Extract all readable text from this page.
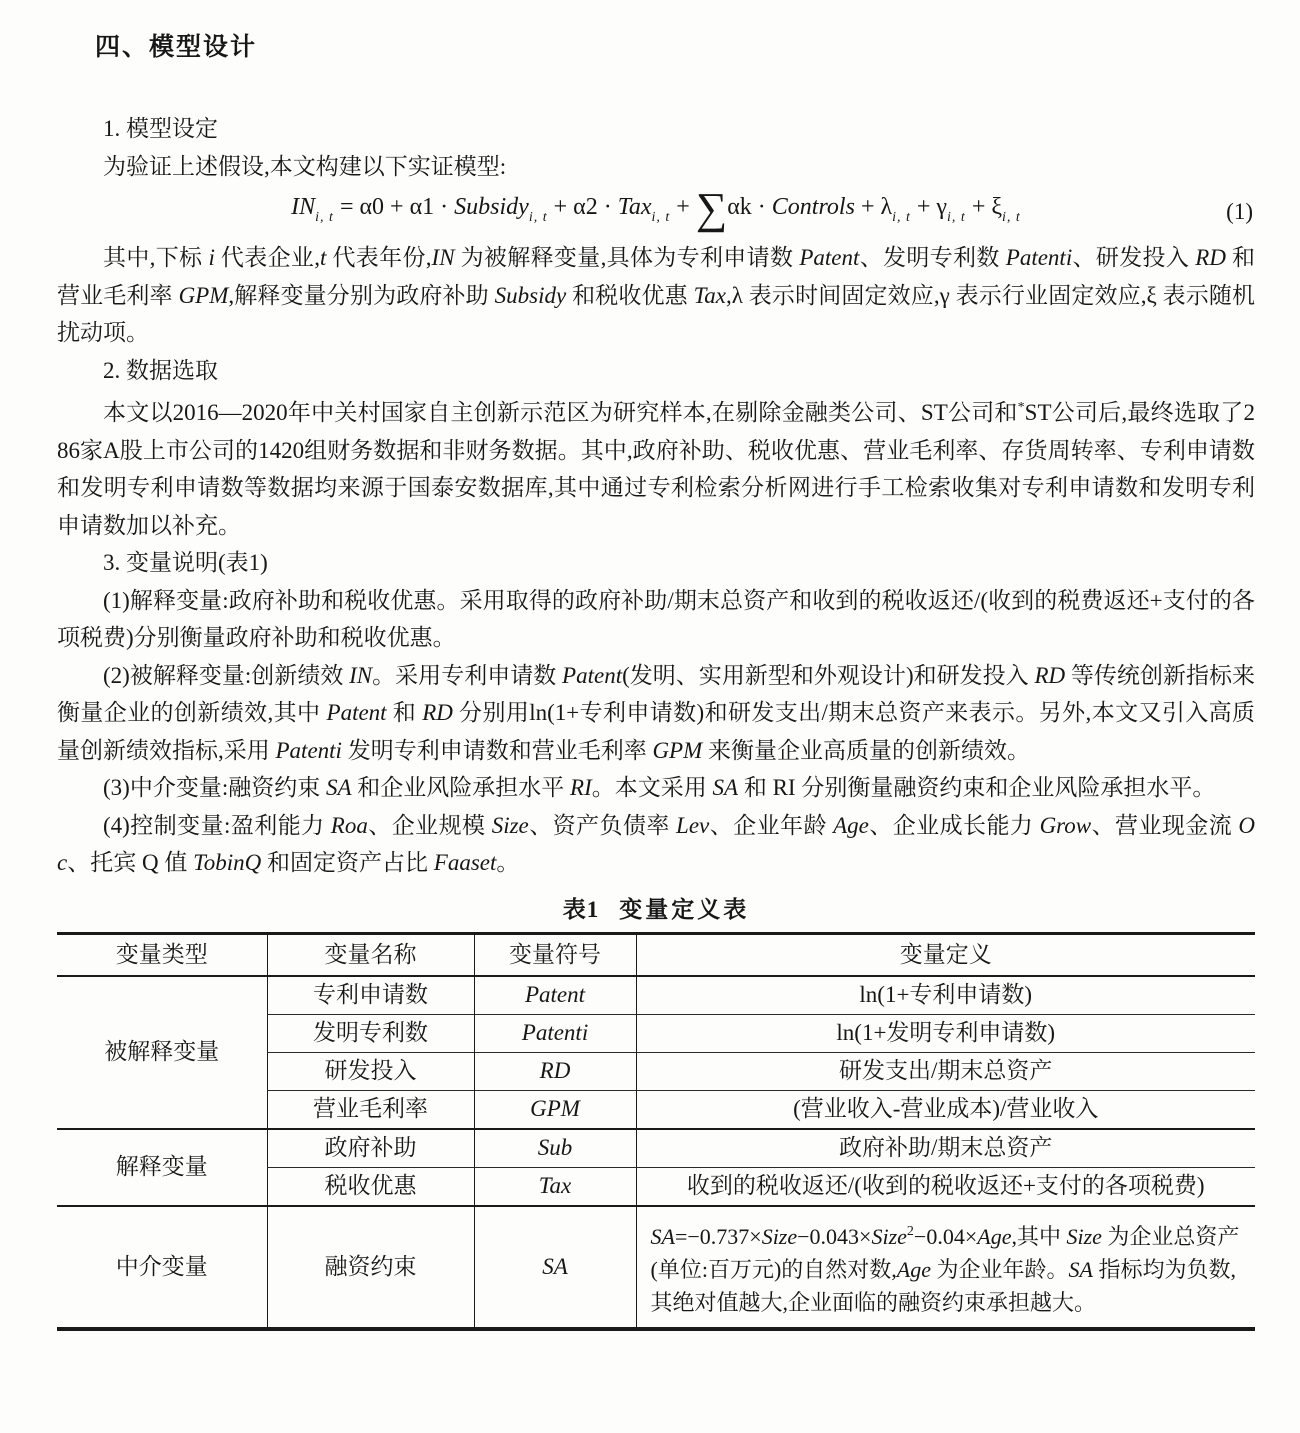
四、模型设计

1. 模型设定

为验证上述假设,本文构建以下实证模型:

$IN_{i, t} = \alpha 0 + \alpha 1$ · Subsidy$_{i, t}$ + α2 · Tax$_{i, t}$ + ∑αk · Controls + $\lambda_{i, t} + \gamma_{i, t} + \xi_{i, t}$	(1)

其中,下标 i 代表企业,t 代表年份,IN 为被解释变量,具体为专利申请数 Patent、发明专利数 Patenti、研发投入 RD 和营业毛利率 GPM,解释变量分别为政府补助 Subsidy 和税收优惠 Tax,λ 表示时间固定效应,γ 表示行业固定效应,ξ 表示随机扰动项。

2. 数据选取

本文以2016—2020年中关村国家自主创新示范区为研究样本,在剔除金融类公司、ST公司和*ST公司后,最终选取了286家A股上市公司的1420组财务数据和非财务数据。其中,政府补助、税收优惠、营业毛利率、存货周转率、专利申请数和发明专利申请数等数据均来源于国泰安数据库,其中通过专利检索分析网进行手工检索收集对专利申请数和发明专利申请数加以补充。

3. 变量说明(表1)

(1)解释变量:政府补助和税收优惠。采用取得的政府补助/期末总资产和收到的税收返还/(收到的税费返还+支付的各项税费)分别衡量政府补助和税收优惠。

(2)被解释变量:创新绩效 IN。采用专利申请数 Patent(发明、实用新型和外观设计)和研发投入 RD 等传统创新指标来衡量企业的创新绩效,其中 Patent 和 RD 分别用ln(1+专利申请数)和研发支出/期末总资产来表示。另外,本文又引入高质量创新绩效指标,采用 Patenti 发明专利申请数和营业毛利率 GPM 来衡量企业高质量的创新绩效。

(3)中介变量:融资约束 SA 和企业风险承担水平 RI。本文采用 SA 和 RI 分别衡量融资约束和企业风险承担水平。

(4)控制变量:盈利能力 Roa、企业规模 Size、资产负债率 Lev、企业年龄 Age、企业成长能力 Grow、营业现金流 Oc、托宾 Q 值 TobinQ 和固定资产占比 Faaset。

表1 变量定义表

变量类型	变量名称	变量符号	变量定义
被解释变量	专利申请数	Patent	ln(1+专利申请数)
	发明专利数	Patenti	ln(1+发明专利申请数)
	研发投入	RD	研发支出/期末总资产
	营业毛利率	GPM	(营业收入-营业成本)/营业收入
解释变量	政府补助	Sub	政府补助/期末总资产
	税收优惠	Tax	收到的税收返还/(收到的税收返还+支付的各项税费)
中介变量	融资约束	SA	SA=−0.737×Size−0.043×Size$^2$−0.04×Age,其中 Size 为企业总资产(单位:百万元)的自然对数,Age 为企业年龄。SA 指标均为负数,其绝对值越大,企业面临的融资约束承担越大。
